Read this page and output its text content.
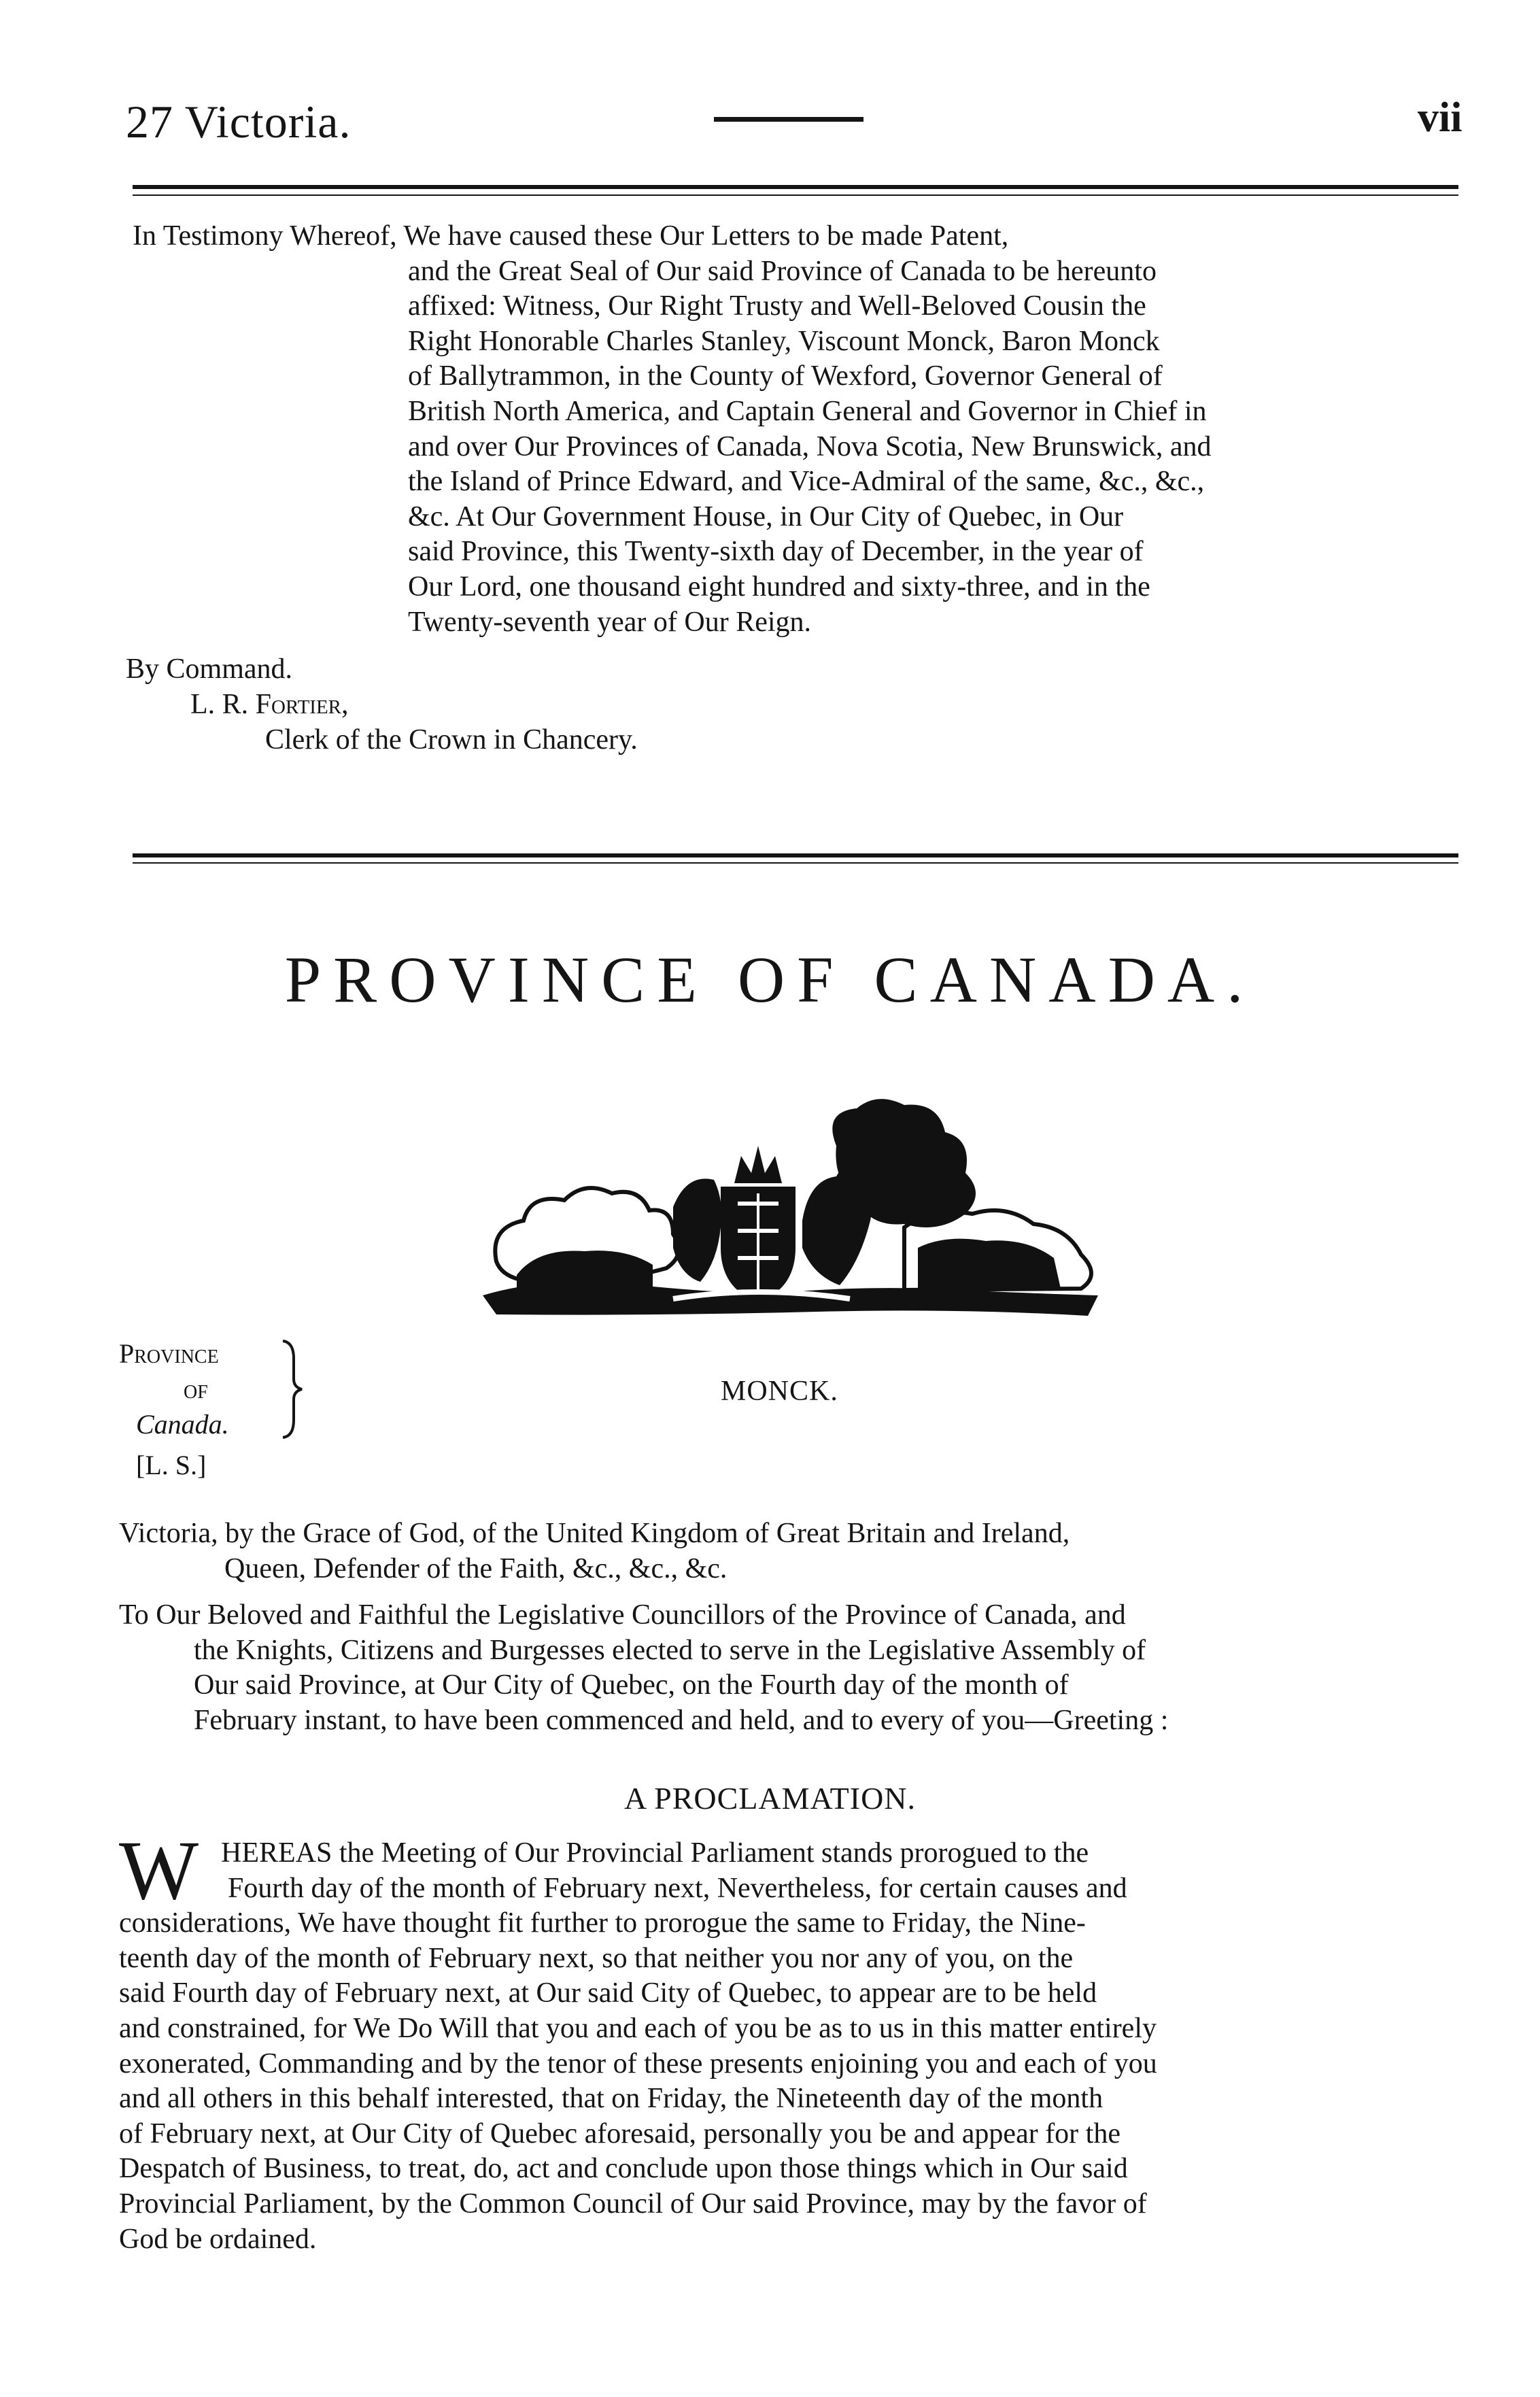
27 Victoria.	vii
In Testimony Whereof, We have caused these Our Letters to be made Patent,
and the Great Seal of Our said Province of Canada to be hereunto
affixed: Witness, Our Right Trusty and Well-Beloved Cousin the
Right Honorable Charles Stanley, Viscount Monck, Baron Monck
of Ballytrammon, in the County of Wexford, Governor General of
British North America, and Captain General and Governor in Chief in
and over Our Provinces of Canada, Nova Scotia, New Brunswick, and
the Island of Prince Edward, and Vice-Admiral of the same, &c., &c.,
&c. At Our Government House, in Our City of Quebec, in Our
said Province, this Twenty-sixth day of December, in the year of
Our Lord, one thousand eight hundred and sixty-three, and in the
Twenty-seventh year of Our Reign.
By Command.
L. R. Fortier,
Clerk of the Crown in Chancery.
PROVINCE OF CANADA.
Province
of
Canada.
[L. S.]
MONCK.
Victoria, by the Grace of God, of the United Kingdom of Great Britain and Ireland,
Queen, Defender of the Faith, &c., &c., &c.
To Our Beloved and Faithful the Legislative Councillors of the Province of Canada, and
the Knights, Citizens and Burgesses elected to serve in the Legislative Assembly of
Our said Province, at Our City of Quebec, on the Fourth day of the month of
February instant, to have been commenced and held, and to every of you—Greeting :
A PROCLAMATION.
W HEREAS the Meeting of Our Provincial Parliament stands prorogued to the
Fourth day of the month of February next, Nevertheless, for certain causes and
considerations, We have thought fit further to prorogue the same to Friday, the Nine-
teenth day of the month of February next, so that neither you nor any of you, on the
said Fourth day of February next, at Our said City of Quebec, to appear are to be held
and constrained, for We Do Will that you and each of you be as to us in this matter entirely
exonerated, Commanding and by the tenor of these presents enjoining you and each of you
and all others in this behalf interested, that on Friday, the Nineteenth day of the month
of February next, at Our City of Quebec aforesaid, personally you be and appear for the
Despatch of Business, to treat, do, act and conclude upon those things which in Our said
Provincial Parliament, by the Common Council of Our said Province, may by the favor of
God be ordained.
